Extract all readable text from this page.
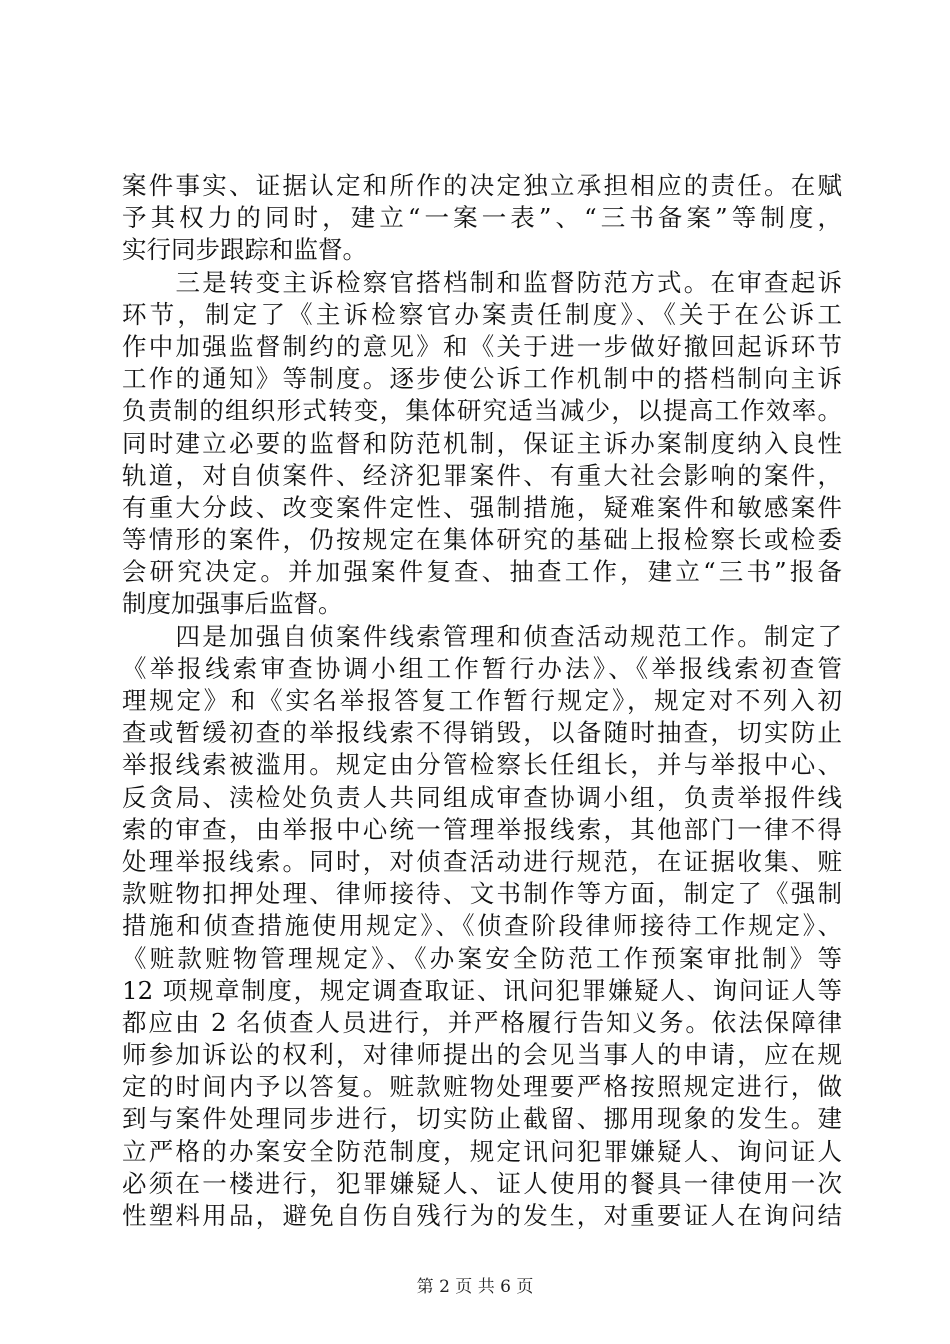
案件事实、证据认定和所作的决定独立承担相应的责任。在赋
予其权力的同时，建立“一案一表”、“三书备案”等制度，
实行同步跟踪和监督。
　　三是转变主诉检察官搭档制和监督防范方式。在审查起诉
环节，制定了《主诉检察官办案责任制度》、《关于在公诉工
作中加强监督制约的意见》和《关于进一步做好撤回起诉环节
工作的通知》等制度。逐步使公诉工作机制中的搭档制向主诉
负责制的组织形式转变，集体研究适当减少，以提高工作效率。
同时建立必要的监督和防范机制，保证主诉办案制度纳入良性
轨道，对自侦案件、经济犯罪案件、有重大社会影响的案件，
有重大分歧、改变案件定性、强制措施，疑难案件和敏感案件
等情形的案件，仍按规定在集体研究的基础上报检察长或检委
会研究决定。并加强案件复查、抽查工作，建立“三书”报备
制度加强事后监督。
　　四是加强自侦案件线索管理和侦查活动规范工作。制定了
《举报线索审查协调小组工作暂行办法》、《举报线索初查管
理规定》和《实名举报答复工作暂行规定》，规定对不列入初
查或暂缓初查的举报线索不得销毁，以备随时抽查，切实防止
举报线索被滥用。规定由分管检察长任组长，并与举报中心、
反贪局、渎检处负责人共同组成审查协调小组，负责举报件线
索的审查，由举报中心统一管理举报线索，其他部门一律不得
处理举报线索。同时，对侦查活动进行规范，在证据收集、赃
款赃物扣押处理、律师接待、文书制作等方面，制定了《强制
措施和侦查措施使用规定》、《侦查阶段律师接待工作规定》、
《赃款赃物管理规定》、《办案安全防范工作预案审批制》等
12 项规章制度，规定调查取证、讯问犯罪嫌疑人、询问证人等
都应由 2 名侦查人员进行，并严格履行告知义务。依法保障律
师参加诉讼的权利，对律师提出的会见当事人的申请，应在规
定的时间内予以答复。赃款赃物处理要严格按照规定进行，做
到与案件处理同步进行，切实防止截留、挪用现象的发生。建
立严格的办案安全防范制度，规定讯问犯罪嫌疑人、询问证人
必须在一楼进行，犯罪嫌疑人、证人使用的餐具一律使用一次
性塑料用品，避免自伤自残行为的发生，对重要证人在询问结
第 2 页 共 6 页
